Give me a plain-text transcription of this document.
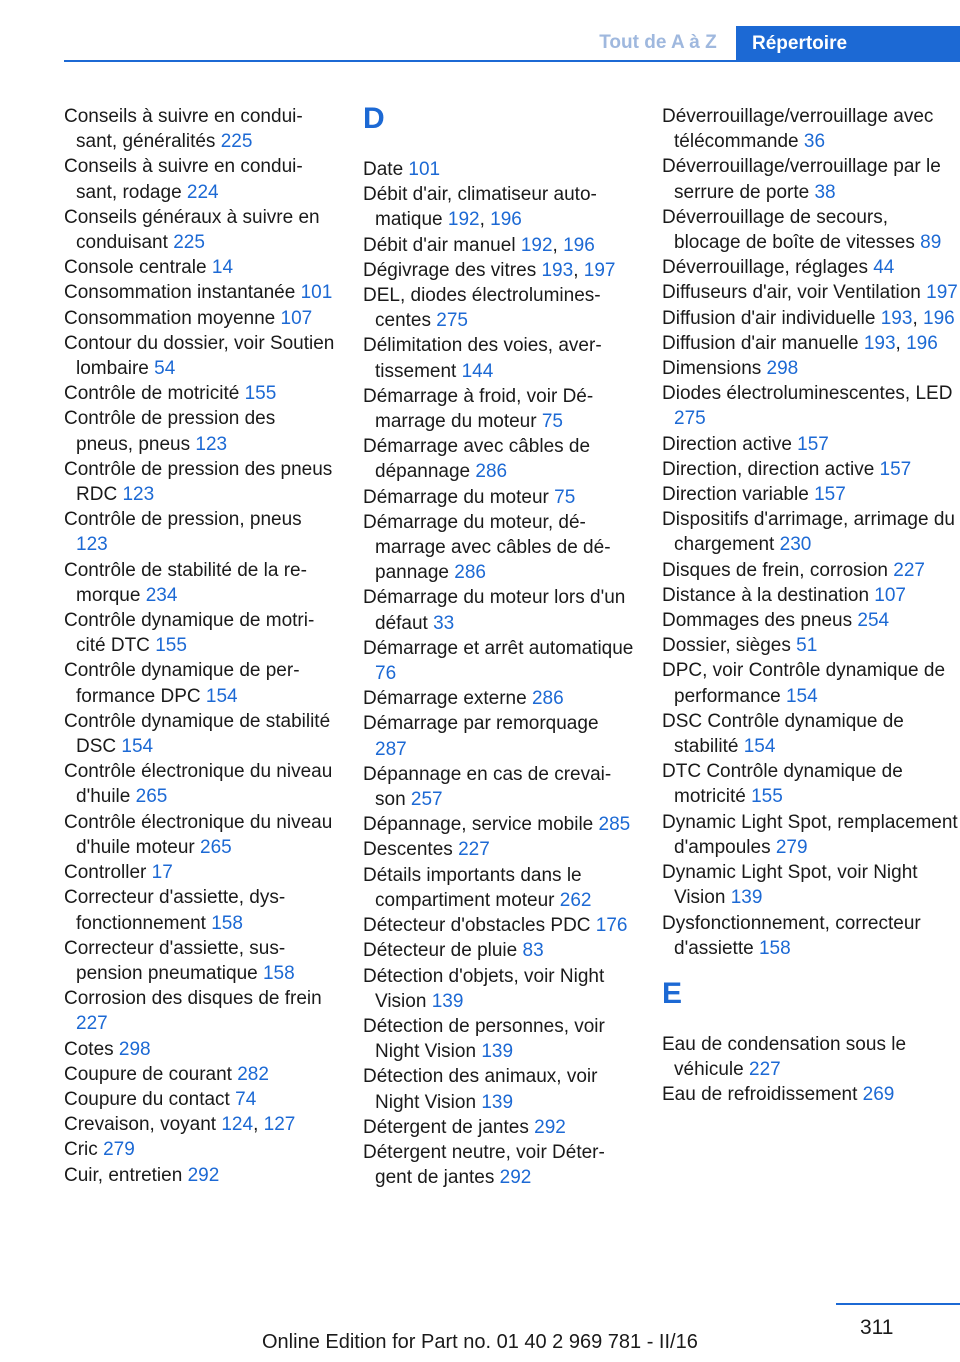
Tout de A à Z	Répertoire

Conseils à suivre en conduisant, généralités 225

Conseils à suivre en conduisant, rodage 224

Conseils généraux à suivre en conduisant 225

Console centrale 14

Consommation instantanée 101

Consommation moyenne 107

Contour du dossier, voir Soutien lombaire 54

Contrôle de motricité 155

Contrôle de pression des pneus, pneus 123

Contrôle de pression des pneus RDC 123

Contrôle de pression, pneus 123

Contrôle de stabilité de la remorque 234

Contrôle dynamique de motricité DTC 155

Contrôle dynamique de performance DPC 154

Contrôle dynamique de stabilité DSC 154

Contrôle électronique du niveau d'huile 265

Contrôle électronique du niveau d'huile moteur 265

Controller 17

Correcteur d'assiette, dysfonctionnement 158

Correcteur d'assiette, suspension pneumatique 158

Corrosion des disques de frein 227

Cotes 298

Coupure de courant 282

Coupure du contact 74

Crevaison, voyant 124, 127

Cric 279

Cuir, entretien 292

D

Date 101

Débit d'air, climatiseur automatique 192, 196

Débit d'air manuel 192, 196

Dégivrage des vitres 193, 197

DEL, diodes électroluminescentes 275

Délimitation des voies, avertissement 144

Démarrage à froid, voir Démarrage du moteur 75

Démarrage avec câbles de dépannage 286

Démarrage du moteur 75

Démarrage du moteur, démarrage avec câbles de dépannage 286

Démarrage du moteur lors d'un défaut 33

Démarrage et arrêt automatique 76

Démarrage externe 286

Démarrage par remorquage 287

Dépannage en cas de crevaison 257

Dépannage, service mobile 285

Descentes 227

Détails importants dans le compartiment moteur 262

Détecteur d'obstacles PDC 176

Détecteur de pluie 83

Détection d'objets, voir Night Vision 139

Détection de personnes, voir Night Vision 139

Détection des animaux, voir Night Vision 139

Détergent de jantes 292

Détergent neutre, voir Détergent de jantes 292

Déverrouillage/verrouillage avec télécommande 36

Déverrouillage/verrouillage par le serrure de porte 38

Déverrouillage de secours, blocage de boîte de vitesses 89

Déverrouillage, réglages 44

Diffuseurs d'air, voir Ventilation 197

Diffusion d'air individuelle 193, 196

Diffusion d'air manuelle 193, 196

Dimensions 298

Diodes électroluminescentes, LED 275

Direction active 157

Direction, direction active 157

Direction variable 157

Dispositifs d'arrimage, arrimage du chargement 230

Disques de frein, corrosion 227

Distance à la destination 107

Dommages des pneus 254

Dossier, sièges 51

DPC, voir Contrôle dynamique de performance 154

DSC Contrôle dynamique de stabilité 154

DTC Contrôle dynamique de motricité 155

Dynamic Light Spot, remplacement d'ampoules 279

Dynamic Light Spot, voir Night Vision 139

Dysfonctionnement, correcteur d'assiette 158

E

Eau de condensation sous le véhicule 227

Eau de refroidissement 269

311
Online Edition for Part no. 01 40 2 969 781 - II/16
